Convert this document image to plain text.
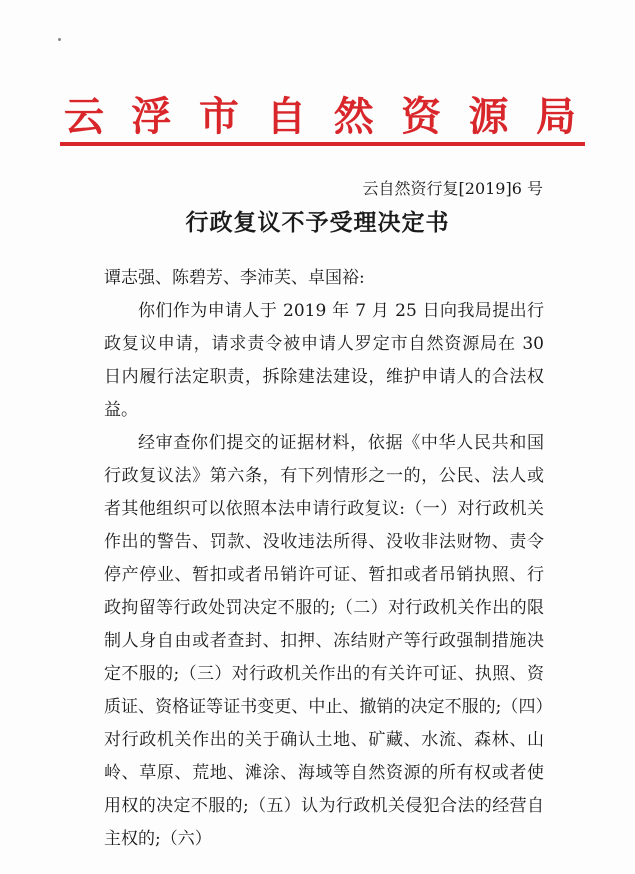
云 浮 市 自 然 资 源 局
云自然资行复[2019]6 号
行政复议不予受理决定书

谭志强、陈碧芳、李沛芙、卓国裕:

你们作为申请人于 2019 年 7 月 25 日向我局提出行政复议申请，请求责令被申请人罗定市自然资源局在 30 日内履行法定职责，拆除建法建设，维护申请人的合法权益。

经审查你们提交的证据材料，依据《中华人民共和国行政复议法》第六条，有下列情形之一的，公民、法人或者其他组织可以依照本法申请行政复议:（一）对行政机关作出的警告、罚款、没收违法所得、没收非法财物、责令停产停业、暂扣或者吊销许可证、暂扣或者吊销执照、行政拘留等行政处罚决定不服的;（二）对行政机关作出的限制人身自由或者查封、扣押、冻结财产等行政强制措施决定不服的;（三）对行政机关作出的有关许可证、执照、资质证、资格证等证书变更、中止、撤销的决定不服的;（四）对行政机关作出的关于确认土地、矿藏、水流、森林、山岭、草原、荒地、滩涂、海域等自然资源的所有权或者使用权的决定不服的;（五）认为行政机关侵犯合法的经营自主权的;（六）
